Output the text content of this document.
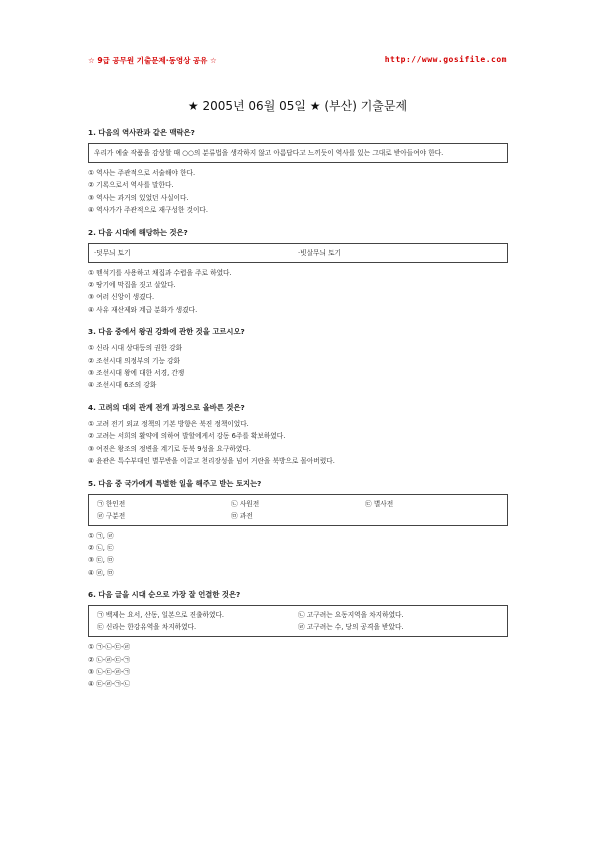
☆ 9급 공무원 기출문제·동영상 공유 ☆	http://www.gosifile.com
★ 2005년 06월 05일 ★ (부산) 기출문제
1. 다음의 역사관과 같은 맥락은?
우리가 예술 작품을 감상할 때 ○○의 분류법을 생각하지 않고 아름답다고 느끼듯이 역사를 있는 그대로 받아들여야 한다.
① 역사는 주관적으로 서술해야 한다.
② 기록으로서 역사를 말한다.
③ 역사는 과거의 있었던 사실이다.
④ 역사가가 주관적으로 재구성한 것이다.
2. 다음 시대에 해당하는 것은?
·덧무늬 토기	·빗살무늬 토기
① 뗀석기를 사용하고 채집과 수렵을 주로 하였다.
② 땅기에 막집을 짓고 살았다.
③ 여러 신앙이 생겼다.
④ 사유 재산제와 계급 분화가 생겼다.
3. 다음 중에서 왕권 강화에 관한 것을 고르시오?
① 신라 시대 상대등의 권한 강화
② 조선시대 의정부의 기능 강화
③ 조선시대 왕에 대한 서경, 간쟁
④ 조선시대 6조의 강화
4. 고려의 대외 관계 전개 과정으로 올바른 것은?
① 고려 전기 외교 정책의 기본 방향은 북진 정책이었다.
② 고려는 서희의 활약에 의하여 발할에게서 강동 6주를 확보하였다.
③ 여진은 왕조의 정변을 계기로 동북 9성을 요구하였다.
④ 윤관은 특수부대인 별무반을 이끌고 천리장성을 넘어 거란을 북방으로 몰아버렸다.
5. 다음 중 국가에게 특별한 일을 해주고 받는 토지는?
㉠ 한인전	㉡ 사원전	㉢ 별사전
㉣ 구분전	㉤ 과전
① ㉠, ㉣
② ㉡, ㉢
③ ㉢, ㉤
④ ㉣, ㉤
6. 다음 글을 시대 순으로 가장 잘 언결한 것은?
㉠ 백제는 요서, 산동, 일본으로 진출하였다.	㉡ 고구려는 요동지역을 차지하였다.
㉢ 신라는 한강유역을 차지하였다.	㉣ 고구려는 수, 당의 공격을 받았다.
① ㉠-㉡-㉢-㉣
② ㉡-㉣-㉢-㉠
③ ㉡-㉢-㉣-㉠
④ ㉢-㉣-㉠-㉡
